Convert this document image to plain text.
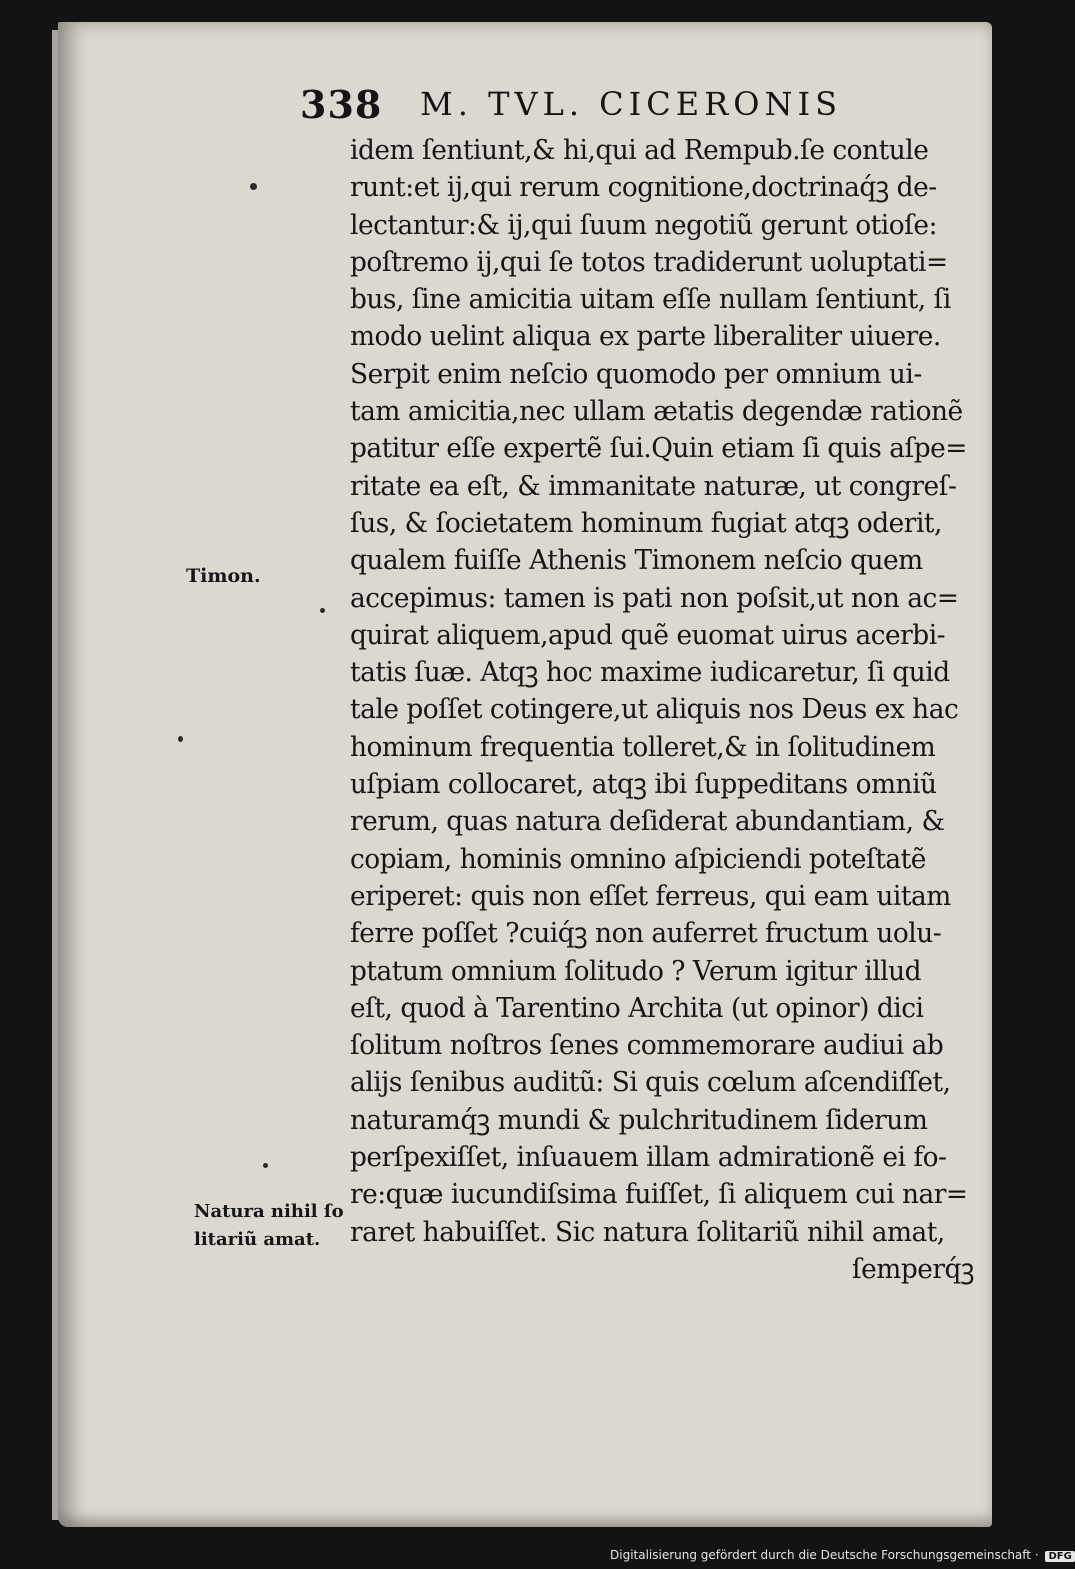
338 M. TVL. CICERONIS
idem ſentiunt,& hi,qui ad Rempub.ſe contule
runt:et ij,qui rerum cognitione,doctrinaq́ꝫ de-
lectantur:& ij,qui ſuum negotiũ gerunt otioſe:
poſtremo ij,qui ſe totos tradiderunt uoluptati=
bus, ſine amicitia uitam eſſe nullam ſentiunt, ſi
modo uelint aliqua ex parte liberaliter uiuere.
Serpit enim neſcio quomodo per omnium ui-
tam amicitia,nec ullam ætatis degendæ rationẽ
patitur eſſe expertẽ ſui.Quin etiam ſi quis aſpe=
ritate ea eſt, & immanitate naturæ, ut congreſ-
ſus, & ſocietatem hominum fugiat atqꝫ oderit,
qualem fuiſſe Athenis Timonem neſcio quem
accepimus: tamen is pati non poſsit,ut non ac=
quirat aliquem,apud quẽ euomat uirus acerbi-
tatis ſuæ. Atqꝫ hoc maxime iudicaretur, ſi quid
tale poſſet cotingere,ut aliquis nos Deus ex hac
hominum frequentia tolleret,& in ſolitudinem
uſpiam collocaret, atqꝫ ibi ſuppeditans omniũ
rerum, quas natura deſiderat abundantiam, &
copiam, hominis omnino aſpiciendi poteſtatẽ
eriperet: quis non eſſet ferreus, qui eam uitam
ferre poſſet ?cuiq́ꝫ non auferret fructum uolu-
ptatum omnium ſolitudo ? Verum igitur illud
eſt, quod à Tarentino Archita (ut opinor) dici
ſolitum noſtros ſenes commemorare audiui ab
alijs ſenibus auditũ: Si quis cœlum aſcendiſſet,
naturamq́ꝫ mundi & pulchritudinem ſiderum
perſpexiſſet, inſuauem illam admirationẽ ei fo-
re:quæ iucundiſsima fuiſſet, ſi aliquem cui nar=
raret habuiſſet. Sic natura ſolitariũ nihil amat,
ſemperq́ꝫ
Timon.
Natura nihil ſo
litariũ amat.
Digitalisierung gefördert durch die Deutsche Forschungsgemeinschaft · DFG
